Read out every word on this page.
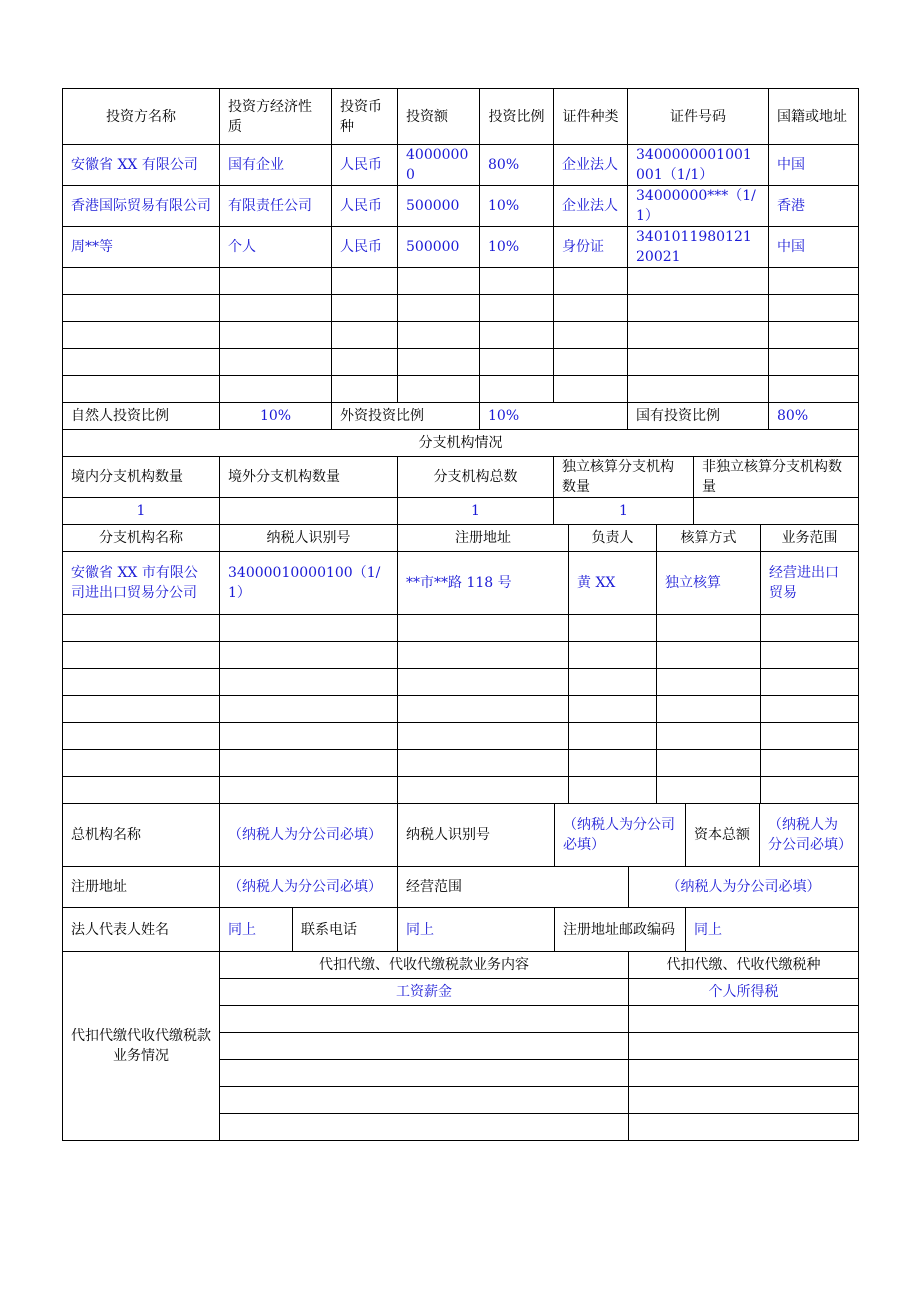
投资方名称	投资方经济性质	投资币种	投资额	投资比例	证件种类	证件号码	国籍或地址
安徽省 XX 有限公司	国有企业	人民币	40000000	80%	企业法人	3400000001001001（1/1）	中国
香港国际贸易有限公司	有限责任公司	人民币	500000	10%	企业法人	34000000***（1/1）	香港
周**等	个人	人民币	500000	10%	身份证	340101198012120021	中国

自然人投资比例	10%	外资投资比例		10%		国有投资比例		80%
分支机构情况								
境内分支机构数量	境外分支机构数量		分支机构总数		独立核算分支机构数量		非独立核算分支机构数量	
1			1		1			
分支机构名称	纳税人识别号	注册地址	负责人	核算方式	业务范围
安徽省 XX 市有限公司进出口贸易分公司	34000010000100（1/1）	**市**路 118 号	黄 XX	独立核算	经营进出口贸易

总机构名称	（纳税人为分公司必填）		纳税人识别号	（纳税人为分公司必填）		资本总额	（纳税人为分公司必填）
注册地址	（纳税人为分公司必填）		经营范围		（纳税人为分公司必填）		
法人代表人姓名	同上	联系电话	同上	注册地址邮政编码		同上	
代扣代缴代收代缴税款业务情况	代扣代缴、代收代缴税款业务内容	代扣代缴、代收代缴税种
	工资薪金	个人所得税
